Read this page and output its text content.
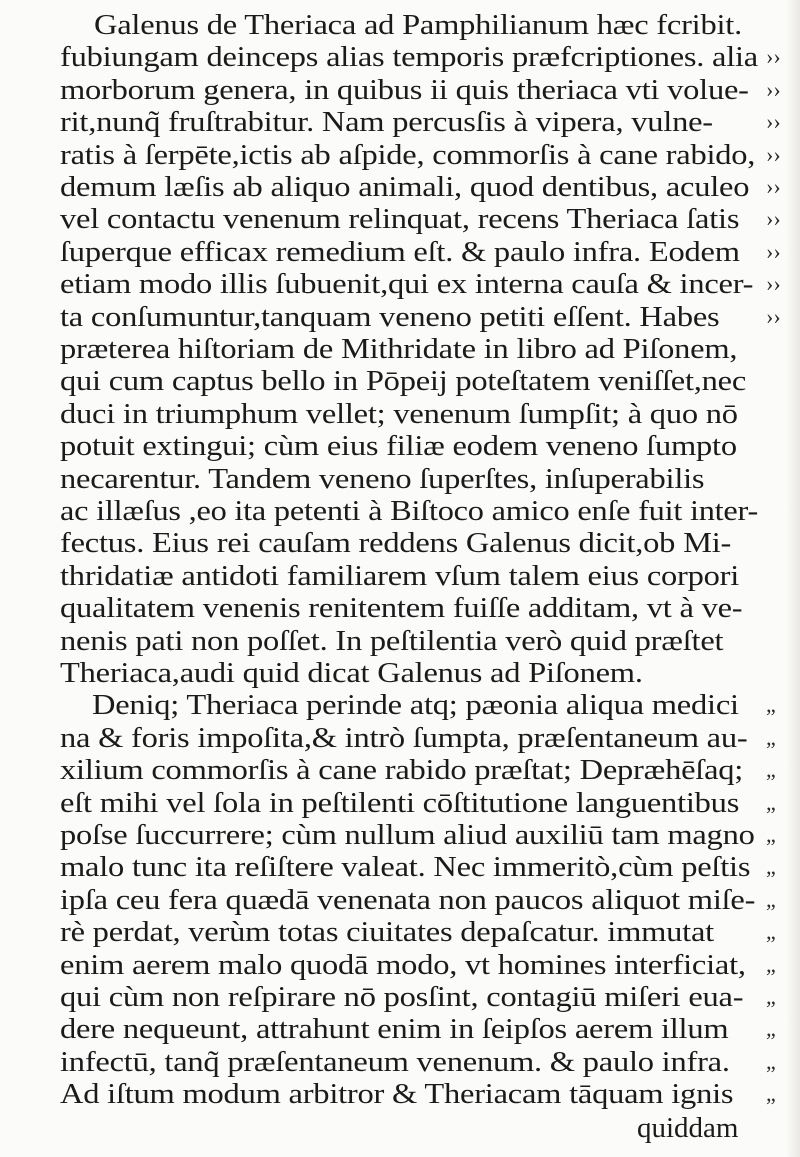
Galenus de Theriaca ad Pamphilianum hæc fcribit.
fubiungam deinceps alias temporis præfcriptiones. alia ››
morborum genera, in quibus ii quis theriaca vti volue- ››
rit,nunq̃ fruſtrabitur. Nam percusſis à vipera, vulne-	››
ratis à ſerpēte,ictis ab aſpide, commorſis à cane rabido, ››
demum læſis ab aliquo animali, quod dentibus, aculeo ››
vel contactu venenum relinquat, recens Theriaca ſatis	››
ſuperque efficax remedium eſt. & paulo infra. Eodem	››
etiam modo illis ſubuenit,qui ex interna cauſa & incer- ››
ta conſumuntur,tanquam veneno petiti eſſent. Habes	››
præterea hiſtoriam de Mithridate in libro ad Piſonem,
qui cum captus bello in Pōpeij poteſtatem veniſſet,nec
duci in triumphum vellet; venenum ſumpſit; à quo nō
potuit extingui; cùm eius filiæ eodem veneno ſumpto
necarentur. Tandem veneno ſuperſtes, inſuperabilis
ac illæſus ,eo ita petenti à Biſtoco amico enſe fuit inter-
fectus. Eius rei cauſam reddens Galenus dicit,ob Mi-
thridatiæ antidoti familiarem vſum talem eius corpori
qualitatem venenis renitentem fuiſſe additam, vt à ve-
nenis pati non poſſet. In peſtilentia verò quid præſtet
Theriaca,audi quid dicat Galenus ad Piſonem.
Deniq; Theriaca perinde atq; pæonia aliqua medici	„
na & foris impoſita,& intrò ſumpta, præſentaneum au- „
xilium commorſis à cane rabido præſtat; Depræhēſaq;	„
eſt mihi vel ſola in peſtilenti cōſtitutione languentibus	„
poſse ſuccurrere; cùm nullum aliud auxiliū tam magno „
malo tunc ita reſiſtere valeat. Nec immeritò,cùm peſtis „
ipſa ceu fera quædā venenata non paucos aliquot miſe- „
rè perdat, verùm totas ciuitates depaſcatur. immutat	„
enim aerem malo quodā modo, vt homines interficiat, „
qui cùm non reſpirare nō posſint, contagiū miſeri eua-	„
dere nequeunt, attrahunt enim in ſeipſos aerem illum	„
infectū, tanq̃ præſentaneum venenum. & paulo infra.	„
Ad iſtum modum arbitror & Theriacam tāquam ignis	„
quiddam
